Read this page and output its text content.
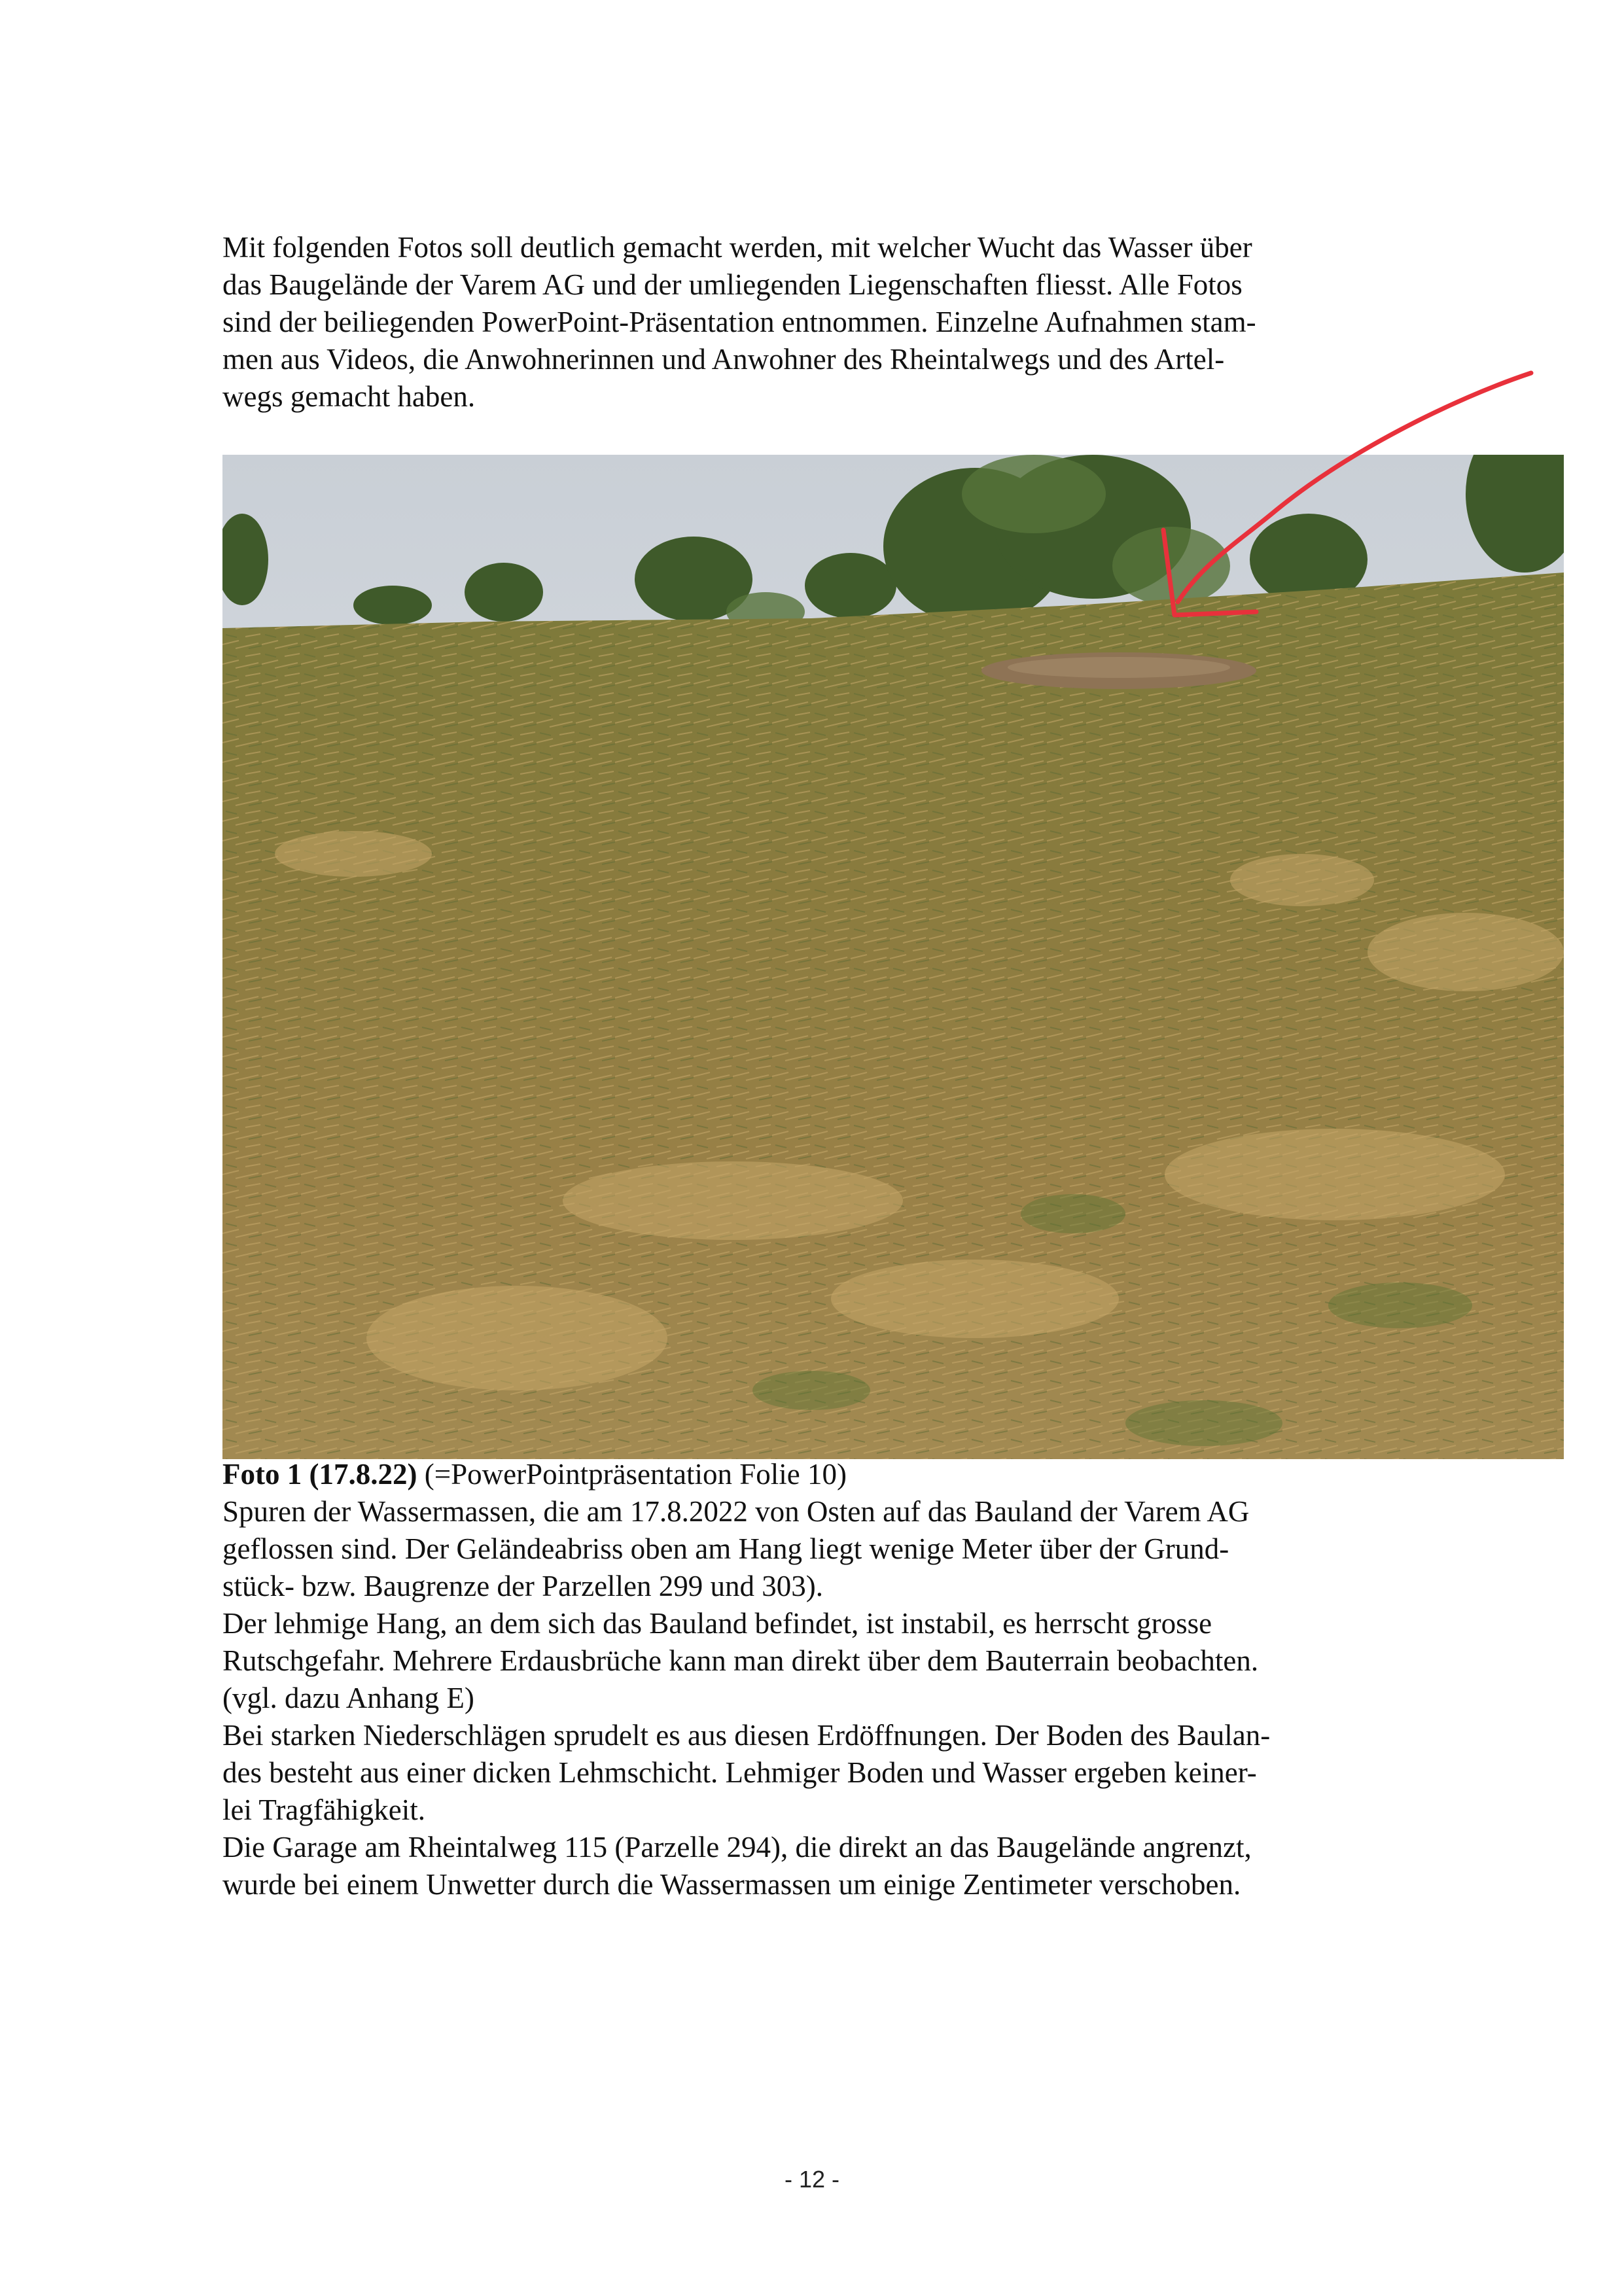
Mit folgenden Fotos soll deutlich gemacht werden, mit welcher Wucht das Wasser über
das Baugelände der Varem AG und der umliegenden Liegenschaften fliesst. Alle Fotos
sind der beiliegenden PowerPoint-Präsentation entnommen. Einzelne Aufnahmen stam-
men aus Videos, die Anwohnerinnen und Anwohner des Rheintalwegs und des Artel-
wegs gemacht haben.
Foto 1 (17.8.22) (=PowerPointpräsentation Folie 10)
Spuren der Wassermassen, die am 17.8.2022 von Osten auf das Bauland der Varem AG
geflossen sind. Der Geländeabriss oben am Hang liegt wenige Meter über der Grund-
stück- bzw. Baugrenze der Parzellen 299 und 303).
Der lehmige Hang, an dem sich das Bauland befindet, ist instabil, es herrscht grosse
Rutschgefahr. Mehrere Erdausbrüche kann man direkt über dem Bauterrain beobachten.
(vgl. dazu Anhang E)
Bei starken Niederschlägen sprudelt es aus diesen Erdöffnungen. Der Boden des Baulan-
des besteht aus einer dicken Lehmschicht. Lehmiger Boden und Wasser ergeben keiner-
lei Tragfähigkeit.
Die Garage am Rheintalweg 115 (Parzelle 294), die direkt an das Baugelände angrenzt,
wurde bei einem Unwetter durch die Wassermassen um einige Zentimeter verschoben.
- 12 -
